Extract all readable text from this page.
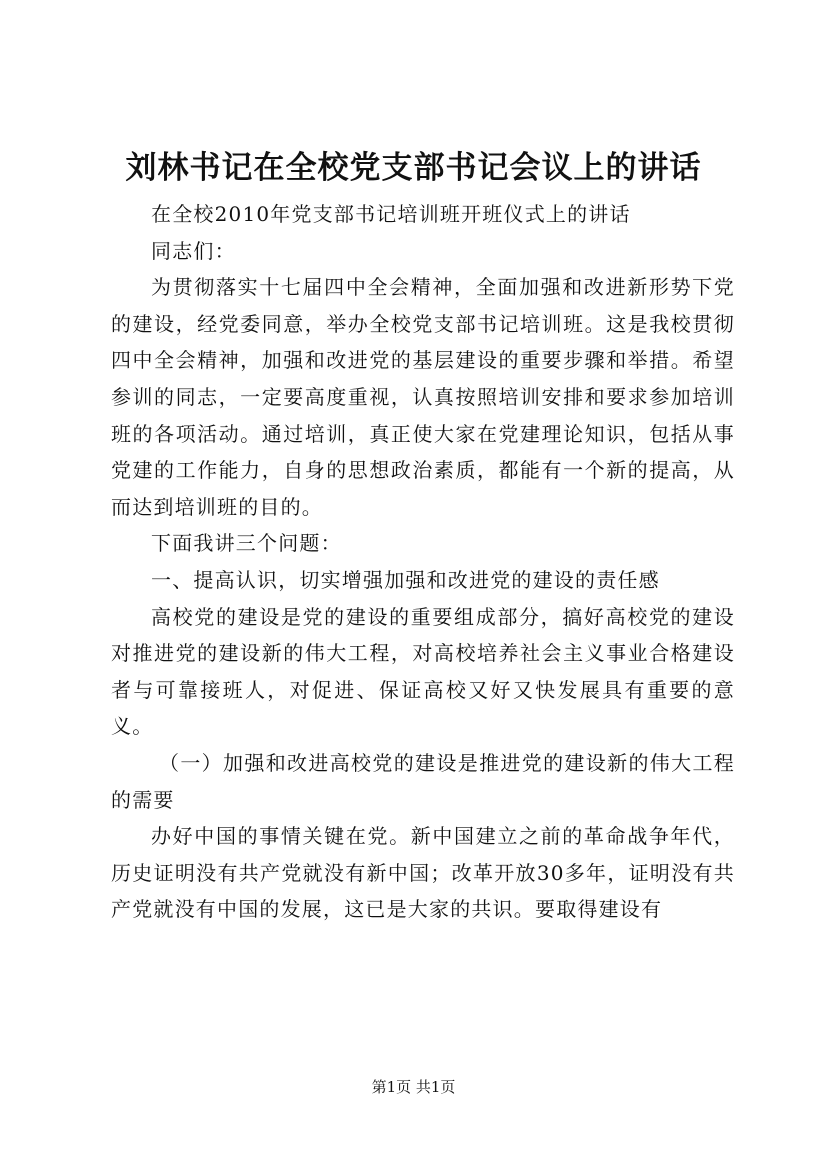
刘林书记在全校党支部书记会议上的讲话

在全校2010年党支部书记培训班开班仪式上的讲话

同志们：

为贯彻落实十七届四中全会精神，全面加强和改进新形势下党的建设，经党委同意，举办全校党支部书记培训班。这是我校贯彻四中全会精神，加强和改进党的基层建设的重要步骤和举措。希望参训的同志，一定要高度重视，认真按照培训安排和要求参加培训班的各项活动。通过培训，真正使大家在党建理论知识，包括从事党建的工作能力，自身的思想政治素质，都能有一个新的提高，从而达到培训班的目的。

下面我讲三个问题：

一、提高认识，切实增强加强和改进党的建设的责任感

高校党的建设是党的建设的重要组成部分，搞好高校党的建设对推进党的建设新的伟大工程，对高校培养社会主义事业合格建设者与可靠接班人，对促进、保证高校又好又快发展具有重要的意义。

（一）加强和改进高校党的建设是推进党的建设新的伟大工程的需要

办好中国的事情关键在党。新中国建立之前的革命战争年代，历史证明没有共产党就没有新中国；改革开放30多年，证明没有共产党就没有中国的发展，这已是大家的共识。要取得建设有

第1页 共1页
